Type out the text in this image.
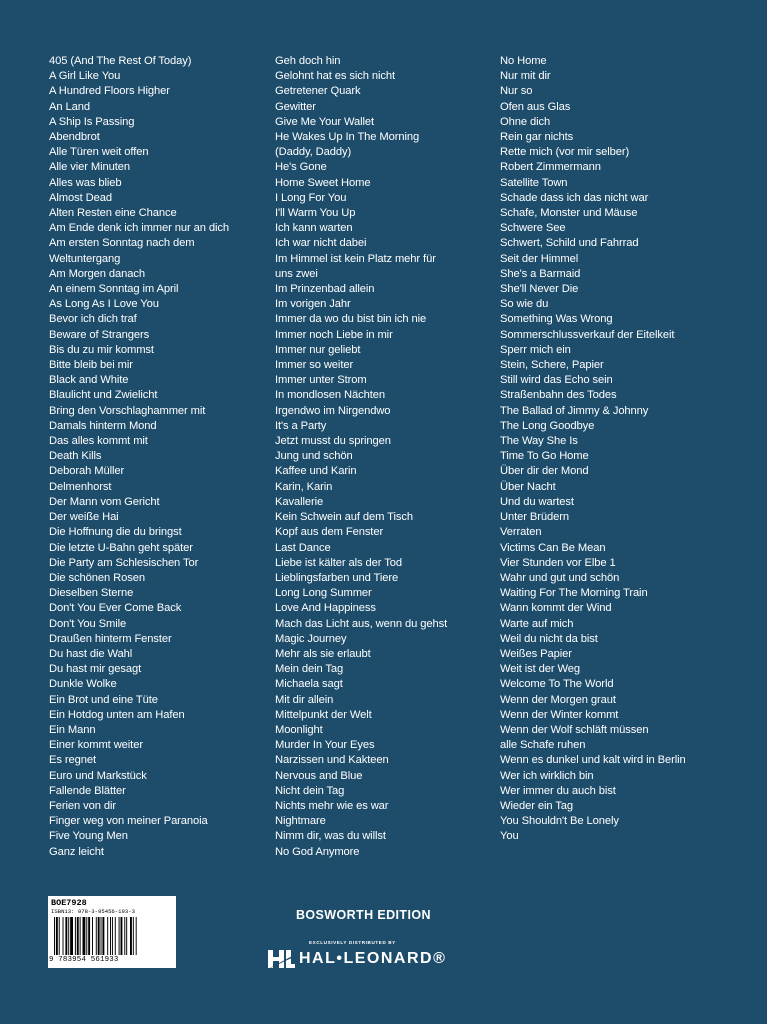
405 (And The Rest Of Today)
A Girl Like You
A Hundred Floors Higher
An Land
A Ship Is Passing
Abendbrot
Alle Türen weit offen
Alle vier Minuten
Alles was blieb
Almost Dead
Alten Resten eine Chance
Am Ende denk ich immer nur an dich
Am ersten Sonntag nach dem
Weltuntergang
Am Morgen danach
An einem Sonntag im April
As Long As I Love You
Bevor ich dich traf
Beware of Strangers
Bis du zu mir kommst
Bitte bleib bei mir
Black and White
Blaulicht und Zwielicht
Bring den Vorschlaghammer mit
Damals hinterm Mond
Das alles kommt mit
Death Kills
Deborah Müller
Delmenhorst
Der Mann vom Gericht
Der weiße Hai
Die Hoffnung die du bringst
Die letzte U-Bahn geht später
Die Party am Schlesischen Tor
Die schönen Rosen
Dieselben Sterne
Don't You Ever Come Back
Don't You Smile
Draußen hinterm Fenster
Du hast die Wahl
Du hast mir gesagt
Dunkle Wolke
Ein Brot und eine Tüte
Ein Hotdog unten am Hafen
Ein Mann
Einer kommt weiter
Es regnet
Euro und Markstück
Fallende Blätter
Ferien von dir
Finger weg von meiner Paranoia
Five Young Men
Ganz leicht
Geh doch hin
Gelohnt hat es sich nicht
Getretener Quark
Gewitter
Give Me Your Wallet
He Wakes Up In The Morning
(Daddy, Daddy)
He's Gone
Home Sweet Home
I Long For You
I'll Warm You Up
Ich kann warten
Ich war nicht dabei
Im Himmel ist kein Platz mehr für
uns zwei
Im Prinzenbad allein
Im vorigen Jahr
Immer da wo du bist bin ich nie
Immer noch Liebe in mir
Immer nur geliebt
Immer so weiter
Immer unter Strom
In mondlosen Nächten
Irgendwo im Nirgendwo
It's a Party
Jetzt musst du springen
Jung und schön
Kaffee und Karin
Karin, Karin
Kavallerie
Kein Schwein auf dem Tisch
Kopf aus dem Fenster
Last Dance
Liebe ist kälter als der Tod
Lieblingsfarben und Tiere
Long Long Summer
Love And Happiness
Mach das Licht aus, wenn du gehst
Magic Journey
Mehr als sie erlaubt
Mein dein Tag
Michaela sagt
Mit dir allein
Mittelpunkt der Welt
Moonlight
Murder In Your Eyes
Narzissen und Kakteen
Nervous and Blue
Nicht dein Tag
Nichts mehr wie es war
Nightmare
Nimm dir, was du willst
No God Anymore
No Home
Nur mit dir
Nur so
Ofen aus Glas
Ohne dich
Rein gar nichts
Rette mich (vor mir selber)
Robert Zimmermann
Satellite Town
Schade dass ich das nicht war
Schafe, Monster und Mäuse
Schwere See
Schwert, Schild und Fahrrad
Seit der Himmel
She's a Barmaid
She'll Never Die
So wie du
Something Was Wrong
Sommerschlussverkauf der Eitelkeit
Sperr mich ein
Stein, Schere, Papier
Still wird das Echo sein
Straßenbahn des Todes
The Ballad of Jimmy & Johnny
The Long Goodbye
The Way She Is
Time To Go Home
Über dir der Mond
Über Nacht
Und du wartest
Unter Brüdern
Verraten
Victims Can Be Mean
Vier Stunden vor Elbe 1
Wahr und gut und schön
Waiting For The Morning Train
Wann kommt der Wind
Warte auf mich
Weil du nicht da bist
Weißes Papier
Weit ist der Weg
Welcome To The World
Wenn der Morgen graut
Wenn der Winter kommt
Wenn der Wolf schläft müssen
alle Schafe ruhen
Wenn es dunkel und kalt wird in Berlin
Wer ich wirklich bin
Wer immer du auch bist
Wieder ein Tag
You Shouldn't Be Lonely
You
BOE7928
ISBN13: 978-3-95456-193-3
9 783954 561933
BOSWORTH EDITION
EXCLUSIVELY DISTRIBUTED BY
HAL•LEONARD®
